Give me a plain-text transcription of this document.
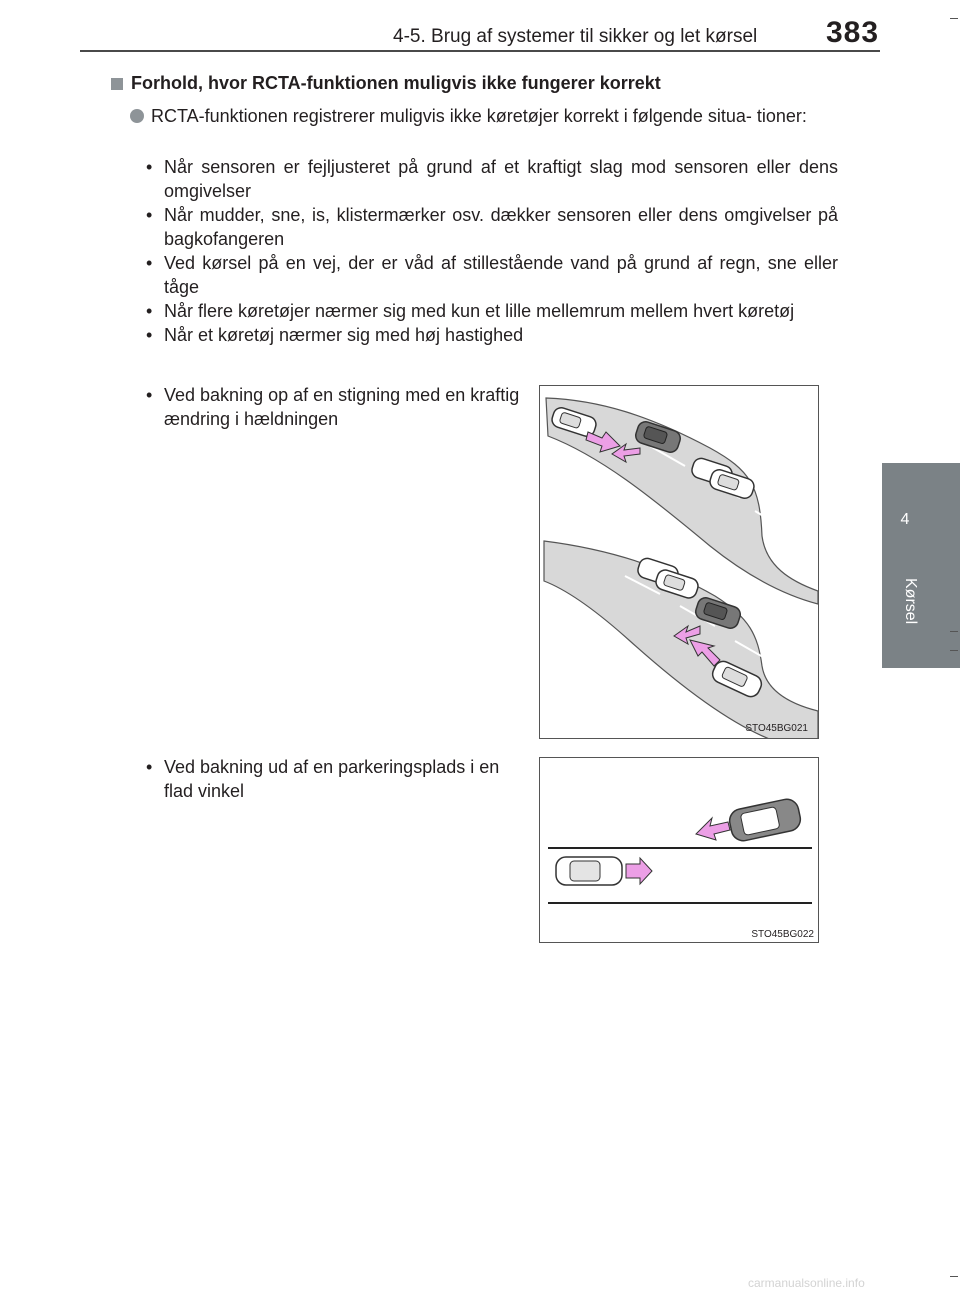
4-5. Brug af systemer til sikker og let kørsel 383
4
Kørsel
Forhold, hvor RCTA-funktionen muligvis ikke fungerer korrekt
RCTA-funktionen registrerer muligvis ikke køretøjer korrekt i følgende situa- tioner:
• Når sensoren er fejljusteret på grund af et kraftigt slag mod sensoren eller dens omgivelser
• Når mudder, sne, is, klistermærker osv. dækker sensoren eller dens omgivelser på bagkofangeren
• Ved kørsel på en vej, der er våd af stillestående vand på grund af regn, sne eller tåge
• Når flere køretøjer nærmer sig med kun et lille mellemrum mellem hvert køretøj
• Når et køretøj nærmer sig med høj hastighed
• Ved bakning op af en stigning med en kraftig ændring i hældningen
STO45BG021
• Ved bakning ud af en parkeringsplads i en flad vinkel
STO45BG022
carmanualsonline.info
